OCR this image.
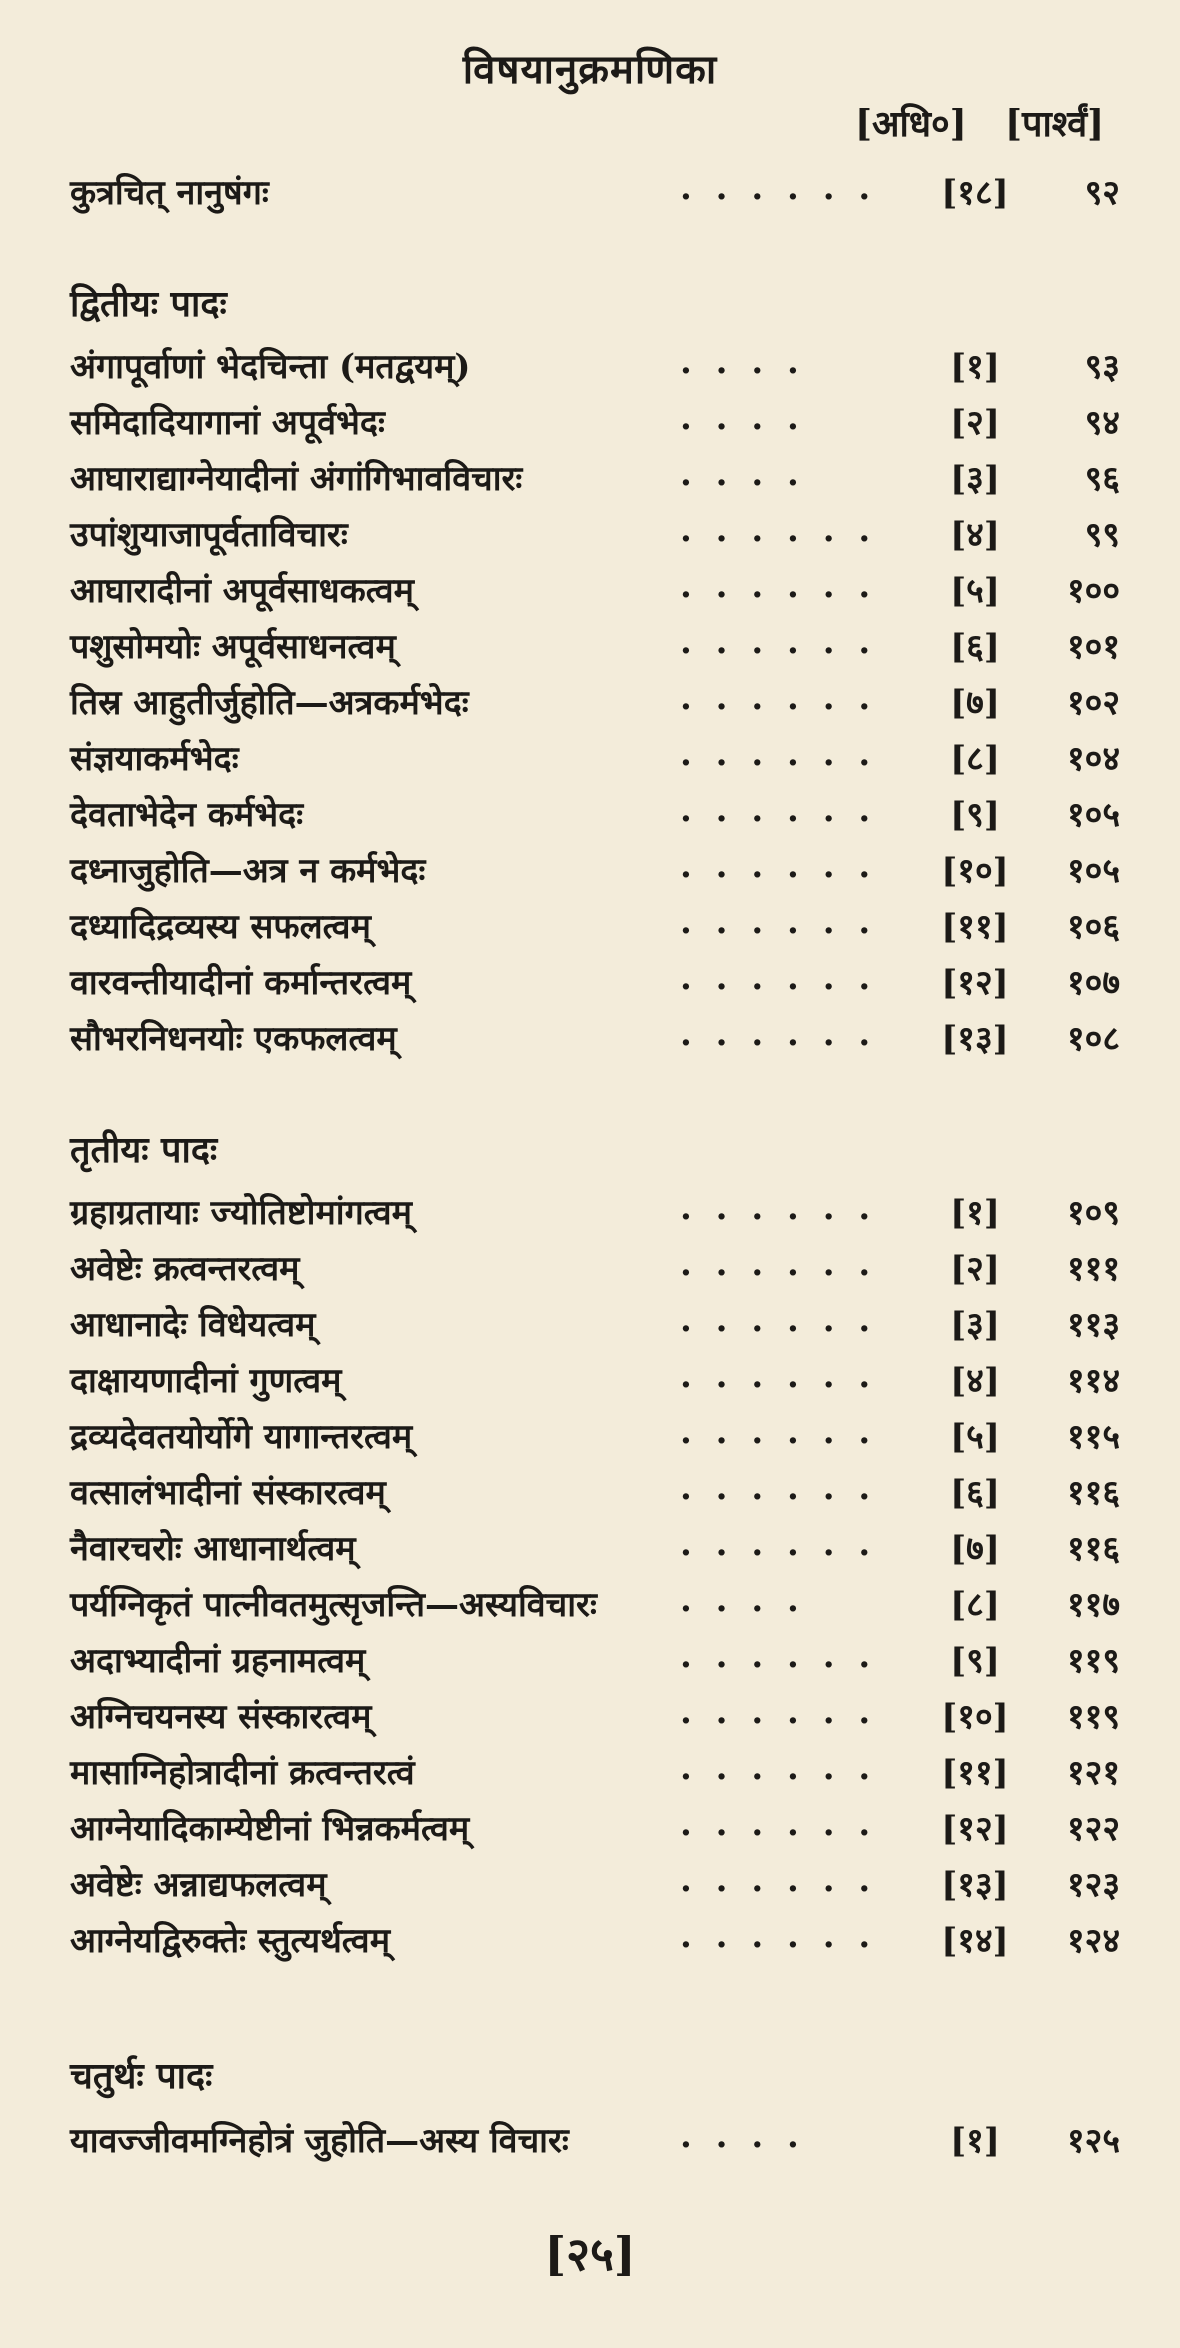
विषयानुक्रमणिका
[अधि०] [पार्श्वं]
कुत्रचित् नानुषंगः	. . . . . .	[१८]	९२
द्वितीयः पादः
अंगापूर्वाणां भेदचिन्ता (मतद्वयम्)	. . . .	[१]	९३
समिदादियागानां अपूर्वभेदः	. . . .	[२]	९४
आघाराद्याग्नेयादीनां अंगांगिभावविचारः	. . . .	[३]	९६
उपांशुयाजापूर्वताविचारः	. . . . . .	[४]	९९
आघारादीनां अपूर्वसाधकत्वम्	. . . . . .	[५]	१००
पशुसोमयोः अपूर्वसाधनत्वम्	. . . . . .	[६]	१०१
तिस्र आहुतीर्जुहोति—अत्रकर्मभेदः	. . . . . .	[७]	१०२
संज्ञयाकर्मभेदः	. . . . . .	[८]	१०४
देवताभेदेन कर्मभेदः	. . . . . .	[९]	१०५
दध्नाजुहोति—अत्र न कर्मभेदः	. . . . . .	[१०]	१०५
दध्यादिद्रव्यस्य सफलत्वम्	. . . . . .	[११]	१०६
वारवन्तीयादीनां कर्मान्तरत्वम्	. . . . . .	[१२]	१०७
सौभरनिधनयोः एकफलत्वम्	. . . . . .	[१३]	१०८
तृतीयः पादः
ग्रहाग्रतायाः ज्योतिष्टोमांगत्वम्	. . . . . .	[१]	१०९
अवेष्टेः क्रत्वन्तरत्वम्	. . . . . .	[२]	१११
आधानादेः विधेयत्वम्	. . . . . .	[३]	११३
दाक्षायणादीनां गुणत्वम्	. . . . . .	[४]	११४
द्रव्यदेवतयोर्योगे यागान्तरत्वम्	. . . . . .	[५]	११५
वत्सालंभादीनां संस्कारत्वम्	. . . . . .	[६]	११६
नैवारचरोः आधानार्थत्वम्	. . . . . .	[७]	११६
पर्यग्निकृतं पात्नीवतमुत्सृजन्ति—अस्यविचारः . . . .	[८]	११७
अदाभ्यादीनां ग्रहनामत्वम्	. . . . . .	[९]	११९
अग्निचयनस्य संस्कारत्वम्	. . . . . .	[१०]	११९
मासाग्निहोत्रादीनां क्रत्वन्तरत्वं	. . . . . .	[११]	१२१
आग्नेयादिकाम्येष्टीनां भिन्नकर्मत्वम्	. . . . . .	[१२]	१२२
अवेष्टेः अन्नाद्यफलत्वम्	. . . . . .	[१३]	१२३
आग्नेयद्विरुक्तेः स्तुत्यर्थत्वम्	. . . . . .	[१४]	१२४
चतुर्थः पादः
यावज्जीवमग्निहोत्रं जुहोति—अस्य विचारः	. . . .	[१]	१२५
[२५]
